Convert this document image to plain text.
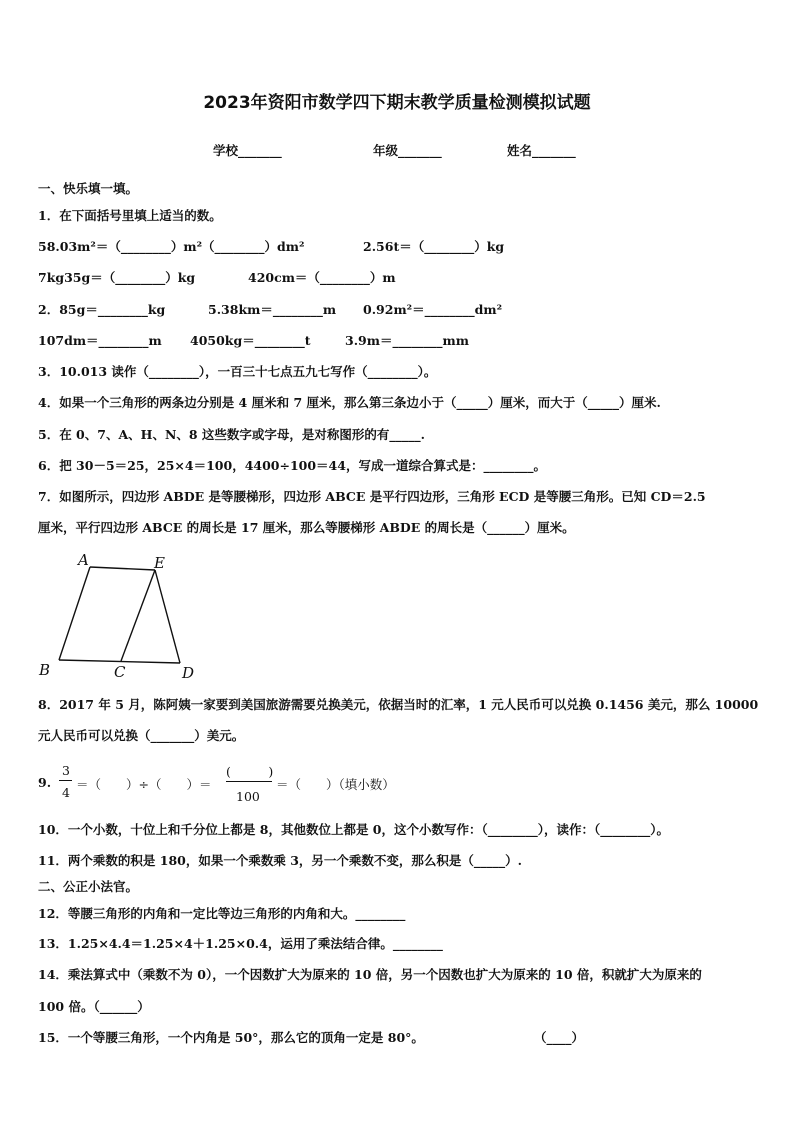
2023年资阳市数学四下期末教学质量检测模拟试题
学校_______	年级_______	姓名_______
一、快乐填一填。
1．在下面括号里填上适当的数。
58.03m²＝（________）m²（________）dm²	2.56t＝（________）kg
7kg35g＝（________）kg	420cm＝（________）m
2．85g＝________kg	5.38km＝________m 0.92m²＝________dm²
107dm＝________m 4050kg＝________t	3.9m＝________mm
3．10.013 读作（________），一百三十七点五九七写作（________）。
4．如果一个三角形的两条边分别是 4 厘米和 7 厘米，那么第三条边小于（_____）厘米，而大于（_____）厘米.
5．在 0、7、A、H、N、8 这些数字或字母，是对称图形的有_____.
6．把 30－5＝25，25×4＝100，4400÷100＝44，写成一道综合算式是：________。
7．如图所示，四边形 ABDE 是等腰梯形，四边形 ABCE 是平行四边形，三角形 ECD 是等腰三角形。已知 CD＝2.5
厘米，平行四边形 ABCE 的周长是 17 厘米，那么等腰梯形 ABDE 的周长是（______）厘米。
A	E
B	C	D
8．2017 年 5 月，陈阿姨一家要到美国旅游需要兑换美元，依据当时的汇率，1 元人民币可以兑换 0.1456 美元，那么 10000
元人民币可以兑换（_______）美元。
9.
3
4
＝（　　）÷（　　）＝
(　　　)
100
＝（　　）（填小数）
10．一个小数，十位上和千分位上都是 8，其他数位上都是 0，这个小数写作：（________），读作：（________）。
11．两个乘数的积是 180，如果一个乘数乘 3，另一个乘数不变，那么积是（_____）.
二、公正小法官。
12．等腰三角形的内角和一定比等边三角形的内角和大。________
13．1.25×4.4＝1.25×4＋1.25×0.4，运用了乘法结合律。________
14．乘法算式中（乘数不为 0），一个因数扩大为原来的 10 倍，另一个因数也扩大为原来的 10 倍，积就扩大为原来的
100 倍。（______）
15．一个等腰三角形，一个内角是 50°，那么它的顶角一定是 80°。	（____）
